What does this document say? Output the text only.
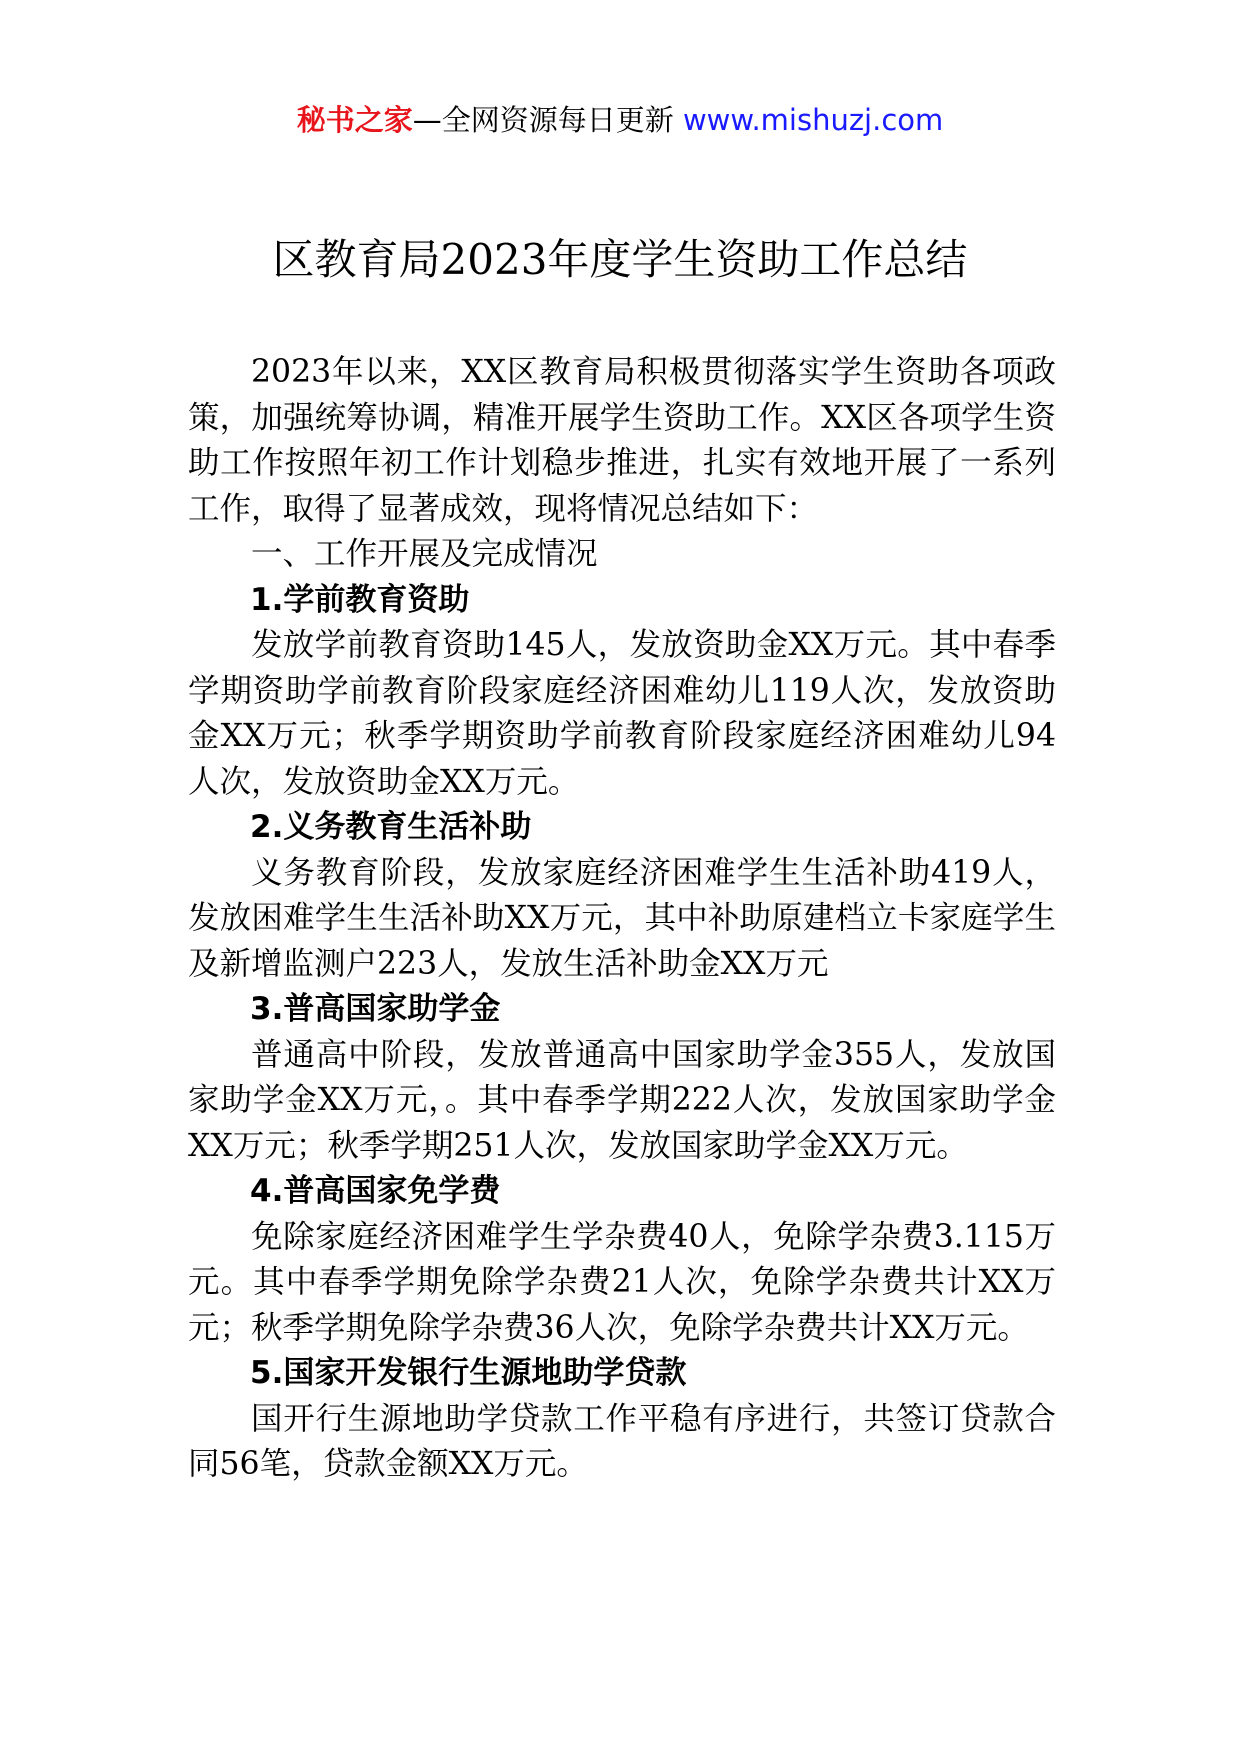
秘书之家—全网资源每日更新 www.mishuzj.com
区教育局2023年度学生资助工作总结

2023年以来，XX区教育局积极贯彻落实学生资助各项政策，加强统筹协调，精准开展学生资助工作。XX区各项学生资助工作按照年初工作计划稳步推进，扎实有效地开展了一系列工作，取得了显著成效，现将情况总结如下：

一、工作开展及完成情况

1.学前教育资助

发放学前教育资助145人，发放资助金XX万元。其中春季学期资助学前教育阶段家庭经济困难幼儿119人次，发放资助金XX万元；秋季学期资助学前教育阶段家庭经济困难幼儿94人次，发放资助金XX万元。

2.义务教育生活补助

义务教育阶段，发放家庭经济困难学生生活补助419人，发放困难学生生活补助XX万元，其中补助原建档立卡家庭学生及新增监测户223人，发放生活补助金XX万元

3.普高国家助学金

普通高中阶段，发放普通高中国家助学金355人，发放国家助学金XX万元，。其中春季学期222人次，发放国家助学金XX万元；秋季学期251人次，发放国家助学金XX万元。

4.普高国家免学费

免除家庭经济困难学生学杂费40人，免除学杂费3.115万元。其中春季学期免除学杂费21人次，免除学杂费共计XX万元；秋季学期免除学杂费36人次，免除学杂费共计XX万元。

5.国家开发银行生源地助学贷款

国开行生源地助学贷款工作平稳有序进行，共签订贷款合同56笔，贷款金额XX万元。
